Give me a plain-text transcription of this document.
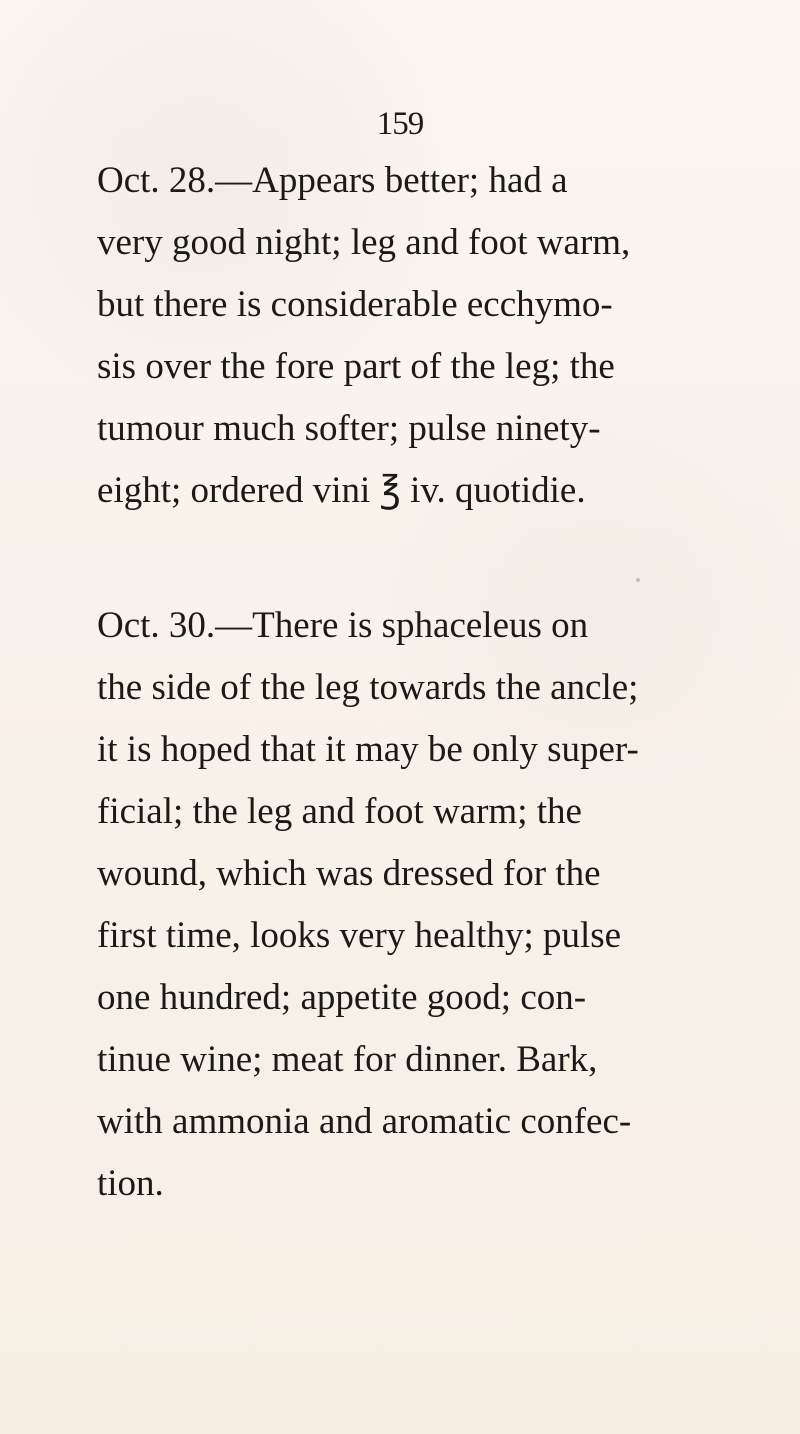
159
Oct. 28.—Appears better; had a
very good night; leg and foot warm,
but there is considerable ecchymo-
sis over the fore part of the leg; the
tumour much softer; pulse ninety-
eight; ordered vini ℥ iv. quotidie.
Oct. 30.—There is sphaceleus on
the side of the leg towards the ancle;
it is hoped that it may be only super-
ficial; the leg and foot warm; the
wound, which was dressed for the
first time, looks very healthy; pulse
one hundred; appetite good; con-
tinue wine; meat for dinner. Bark,
with ammonia and aromatic confec-
tion.
